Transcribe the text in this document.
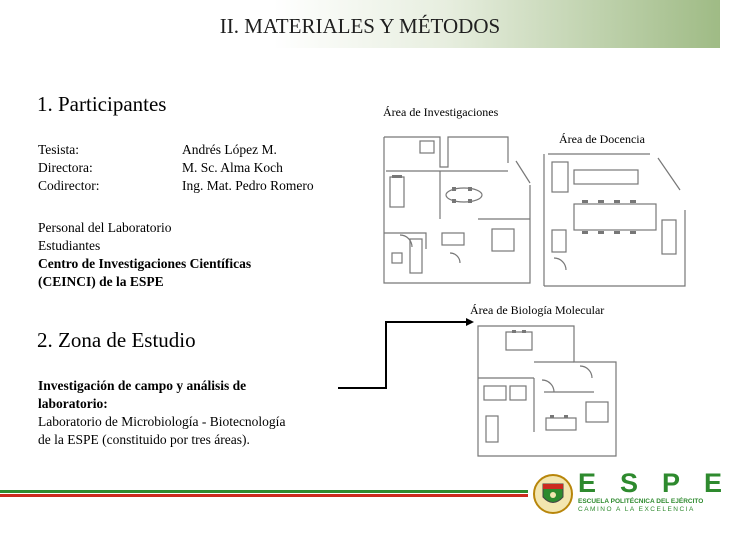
II. MATERIALES Y MÉTODOS
1. Participantes
Tesista:
Directora:
Codirector:
Andrés López M.
M. Sc. Alma Koch
Ing. Mat. Pedro Romero
Personal del Laboratorio
Estudiantes
Centro de Investigaciones Científicas
(CEINCI) de la ESPE
2. Zona de Estudio
Investigación de campo y análisis de
laboratorio:
Laboratorio de Microbiología - Biotecnología
de la ESPE (constituido por tres áreas).
Área de Investigaciones
Área de Docencia
Área de Biología Molecular
ESPE
ESCUELA POLITÉCNICA DEL EJÉRCITO
CAMINO A LA EXCELENCIA
